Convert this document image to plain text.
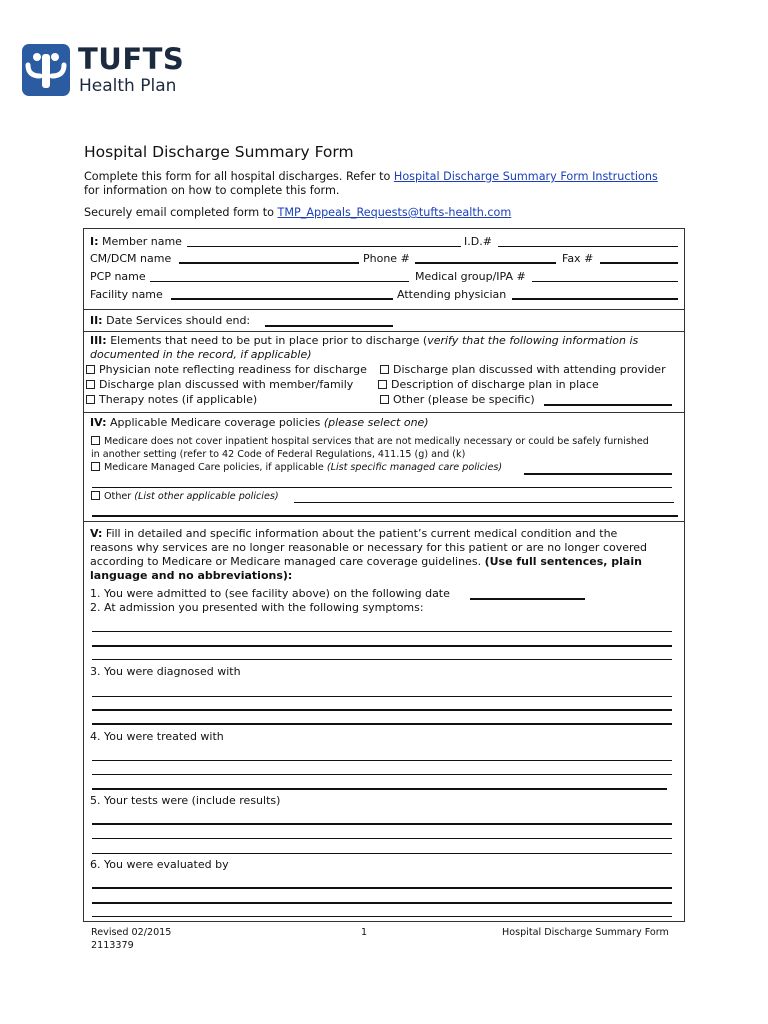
TUFTS
Health Plan
Hospital Discharge Summary Form
Complete this form for all hospital discharges. Refer to Hospital Discharge Summary Form Instructions
for information on how to complete this form.
Securely email completed form to TMP_Appeals_Requests@tufts-health.com
I: Member name	I.D.#
CM/DCM name	Phone #	Fax #
PCP name	Medical group/IPA #
Facility name	Attending physician
II: Date Services should end:
III: Elements that need to be put in place prior to discharge (verify that the following information is
documented in the record, if applicable)
Physician note reflecting readiness for discharge	Discharge plan discussed with attending provider
Discharge plan discussed with member/family	Description of discharge plan in place
Therapy notes (if applicable)	Other (please be specific)
IV: Applicable Medicare coverage policies (please select one)
Medicare does not cover inpatient hospital services that are not medically necessary or could be safely furnished
in another setting (refer to 42 Code of Federal Regulations, 411.15 (g) and (k)
Medicare Managed Care policies, if applicable (List specific managed care policies)
Other (List other applicable policies)
V: Fill in detailed and specific information about the patient’s current medical condition and the
reasons why services are no longer reasonable or necessary for this patient or are no longer covered
according to Medicare or Medicare managed care coverage guidelines. (Use full sentences, plain
language and no abbreviations):
1. You were admitted to (see facility above) on the following date
2. At admission you presented with the following symptoms:
3. You were diagnosed with
4. You were treated with
5. Your tests were (include results)
6. You were evaluated by
Revised 02/2015
2113379
1	Hospital Discharge Summary Form
